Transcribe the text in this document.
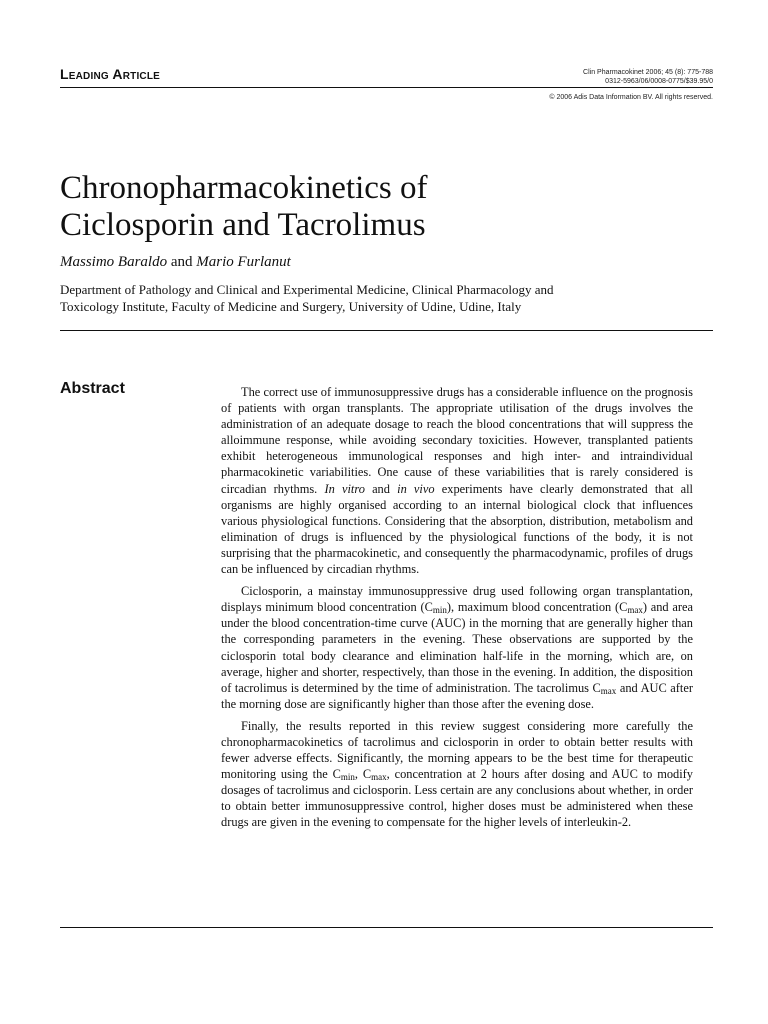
Leading Article	Clin Pharmacokinet 2006; 45 (8): 775-788
0312-5963/06/0008-0775/$39.95/0
© 2006 Adis Data Information BV. All rights reserved.
Chronopharmacokinetics of
Ciclosporin and Tacrolimus
Massimo Baraldo and Mario Furlanut
Department of Pathology and Clinical and Experimental Medicine, Clinical Pharmacology and
Toxicology Institute, Faculty of Medicine and Surgery, University of Udine, Udine, Italy
Abstract	The correct use of immunosuppressive drugs has a considerable influence on the prognosis of patients with organ transplants. The appropriate utilisation of the drugs involves the administration of an adequate dosage to reach the blood concentrations that will suppress the alloimmune response, while avoiding secondary toxicities. However, transplanted patients exhibit heterogeneous immunological responses and high inter- and intraindividual pharmacokinetic variabilities. One cause of these variabilities that is rarely considered is circadian rhythms. In vitro and in vivo experiments have clearly demonstrated that all organisms are highly organised according to an internal biological clock that influences various physiological functions. Considering that the absorption, distribution, metabolism and elimination of drugs is influenced by the physiological functions of the body, it is not surprising that the pharmacokinetic, and consequently the pharmacodynamic, profiles of drugs can be influenced by circadian rhythms.

Ciclosporin, a mainstay immunosuppressive drug used following organ transplantation, displays minimum blood concentration $(C_{min})$, maximum blood concentration $(C_{max})$ and area under the blood concentration-time curve (AUC) in the morning that are generally higher than the corresponding parameters in the evening. These observations are supported by the ciclosporin total body clearance and elimination half-life in the morning, which are, on average, higher and shorter, respectively, than those in the evening. In addition, the disposition of tacrolimus is determined by the time of administration. The tacrolimus $C_{max}$ and AUC after the morning dose are significantly higher than those after the evening dose.

Finally, the results reported in this review suggest considering more carefully the chronopharmacokinetics of tacrolimus and ciclosporin in order to obtain better results with fewer adverse effects. Significantly, the morning appears to be the best time for therapeutic monitoring using the $C_{min}$, $C_{max}$, concentration at 2 hours after dosing and AUC to modify dosages of tacrolimus and ciclosporin. Less certain are any conclusions about whether, in order to obtain better immunosuppressive control, higher doses must be administered when these drugs are given in the evening to compensate for the higher levels of interleukin-2.
